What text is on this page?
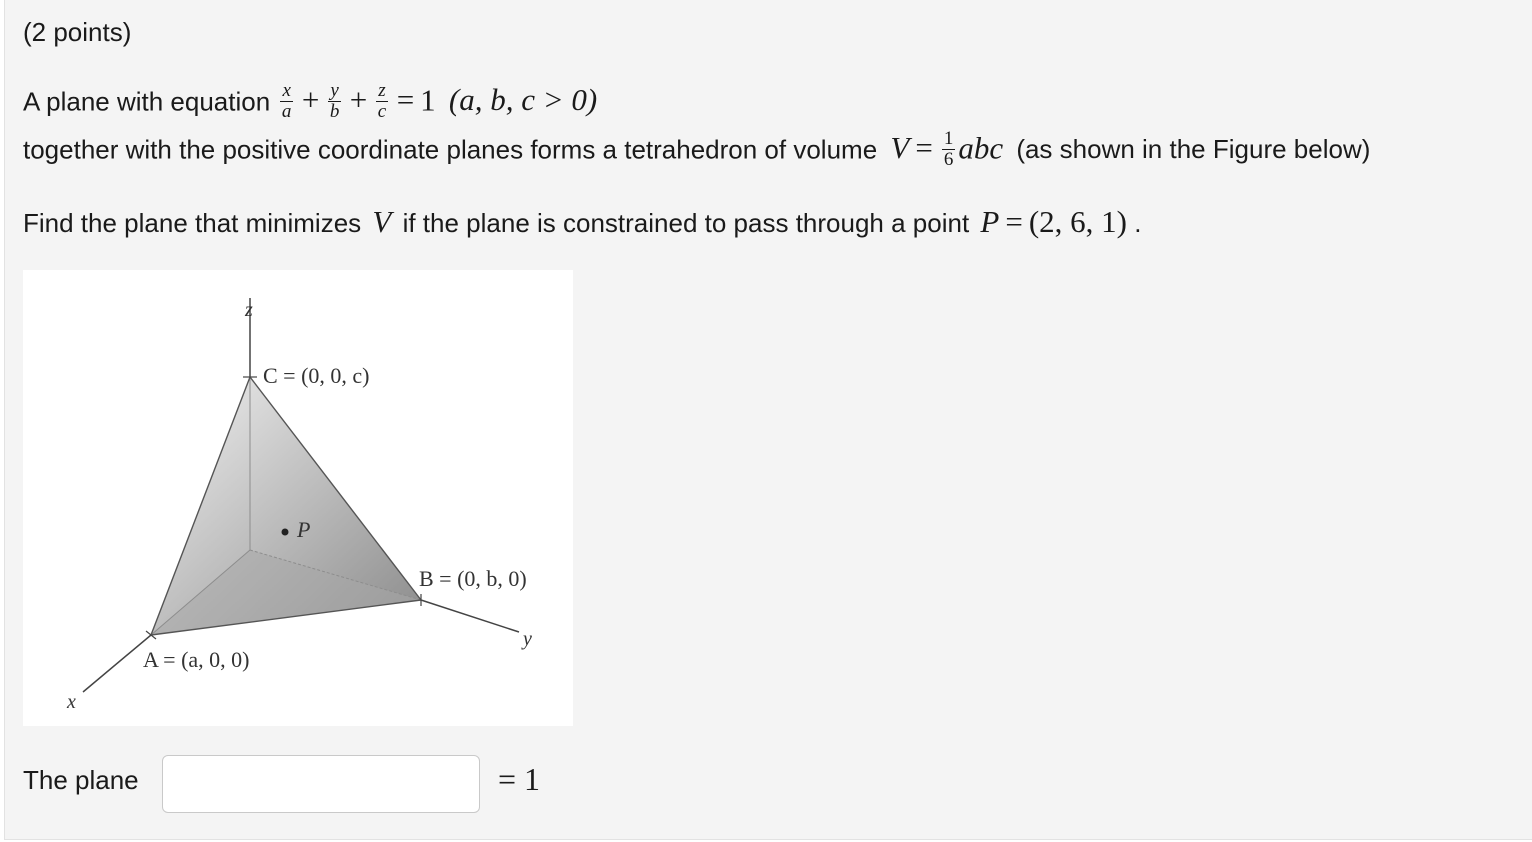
(2 points)
A plane with equation $\frac{x}{a} + \frac{y}{b} + \frac{z}{c} = 1$ (a, b, c > 0)
together with the positive coordinate planes forms a tetrahedron of volume $V = \frac{1}{6}$ abc (as shown in the Figure below)
Find the plane that minimizes V if the plane is constrained to pass through a point P = (2, 6, 1) .
z
x
y
C = (0, 0, c)
B = (0, b, 0)
A = (a, 0, 0)
P
The plane	= 1
